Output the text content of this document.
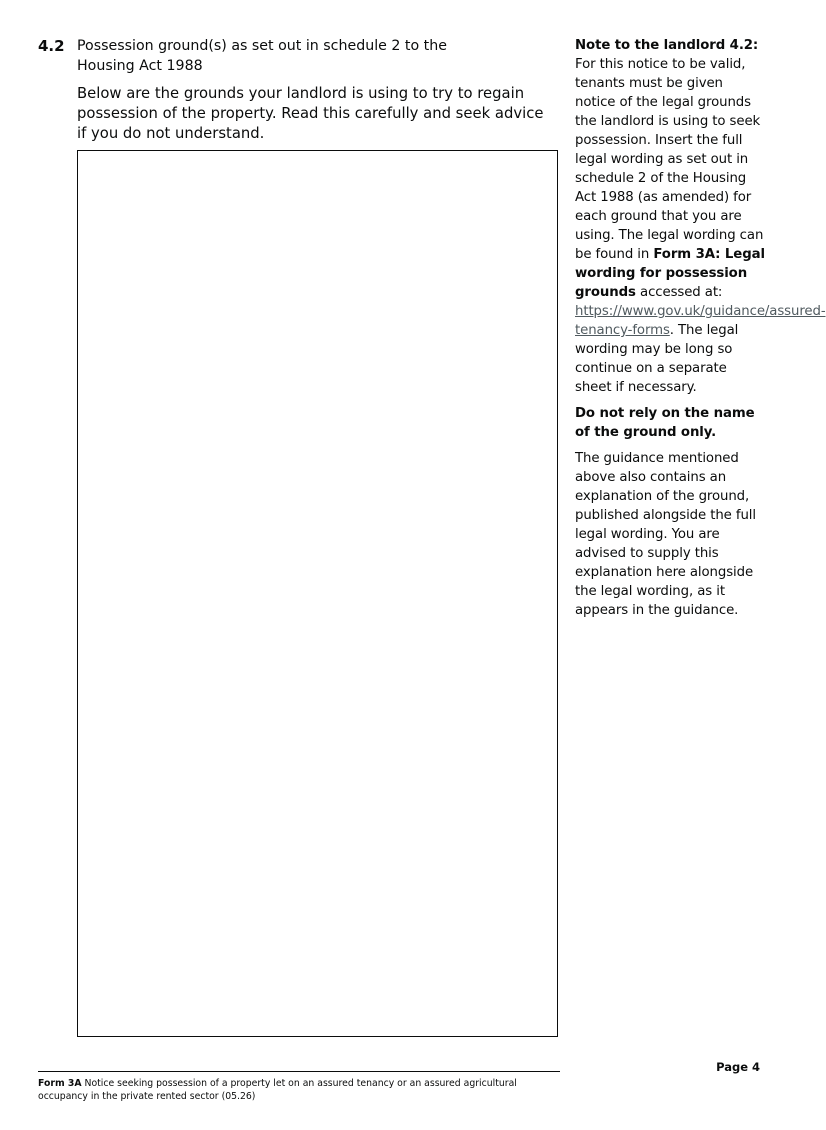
4.2 Possession ground(s) as set out in schedule 2 to the Housing Act 1988
Below are the grounds your landlord is using to try to regain possession of the property. Read this carefully and seek advice if you do not understand.

Note to the landlord 4.2:

For this notice to be valid, tenants must be given notice of the legal grounds the landlord is using to seek possession. Insert the full legal wording as set out in schedule 2 of the Housing Act 1988 (as amended) for each ground that you are using. The legal wording can be found in Form 3A: Legal wording for possession grounds accessed at: https://www.gov.uk/guidance/assured-tenancy-forms. The legal wording may be long so continue on a separate sheet if necessary.

Do not rely on the name of the ground only.

The guidance mentioned above also contains an explanation of the ground, published alongside the full legal wording. You are advised to supply this explanation here alongside the legal wording, as it appears in the guidance.

Page 4
Form 3A Notice seeking possession of a property let on an assured tenancy or an assured agricultural occupancy in the private rented sector (05.26)
